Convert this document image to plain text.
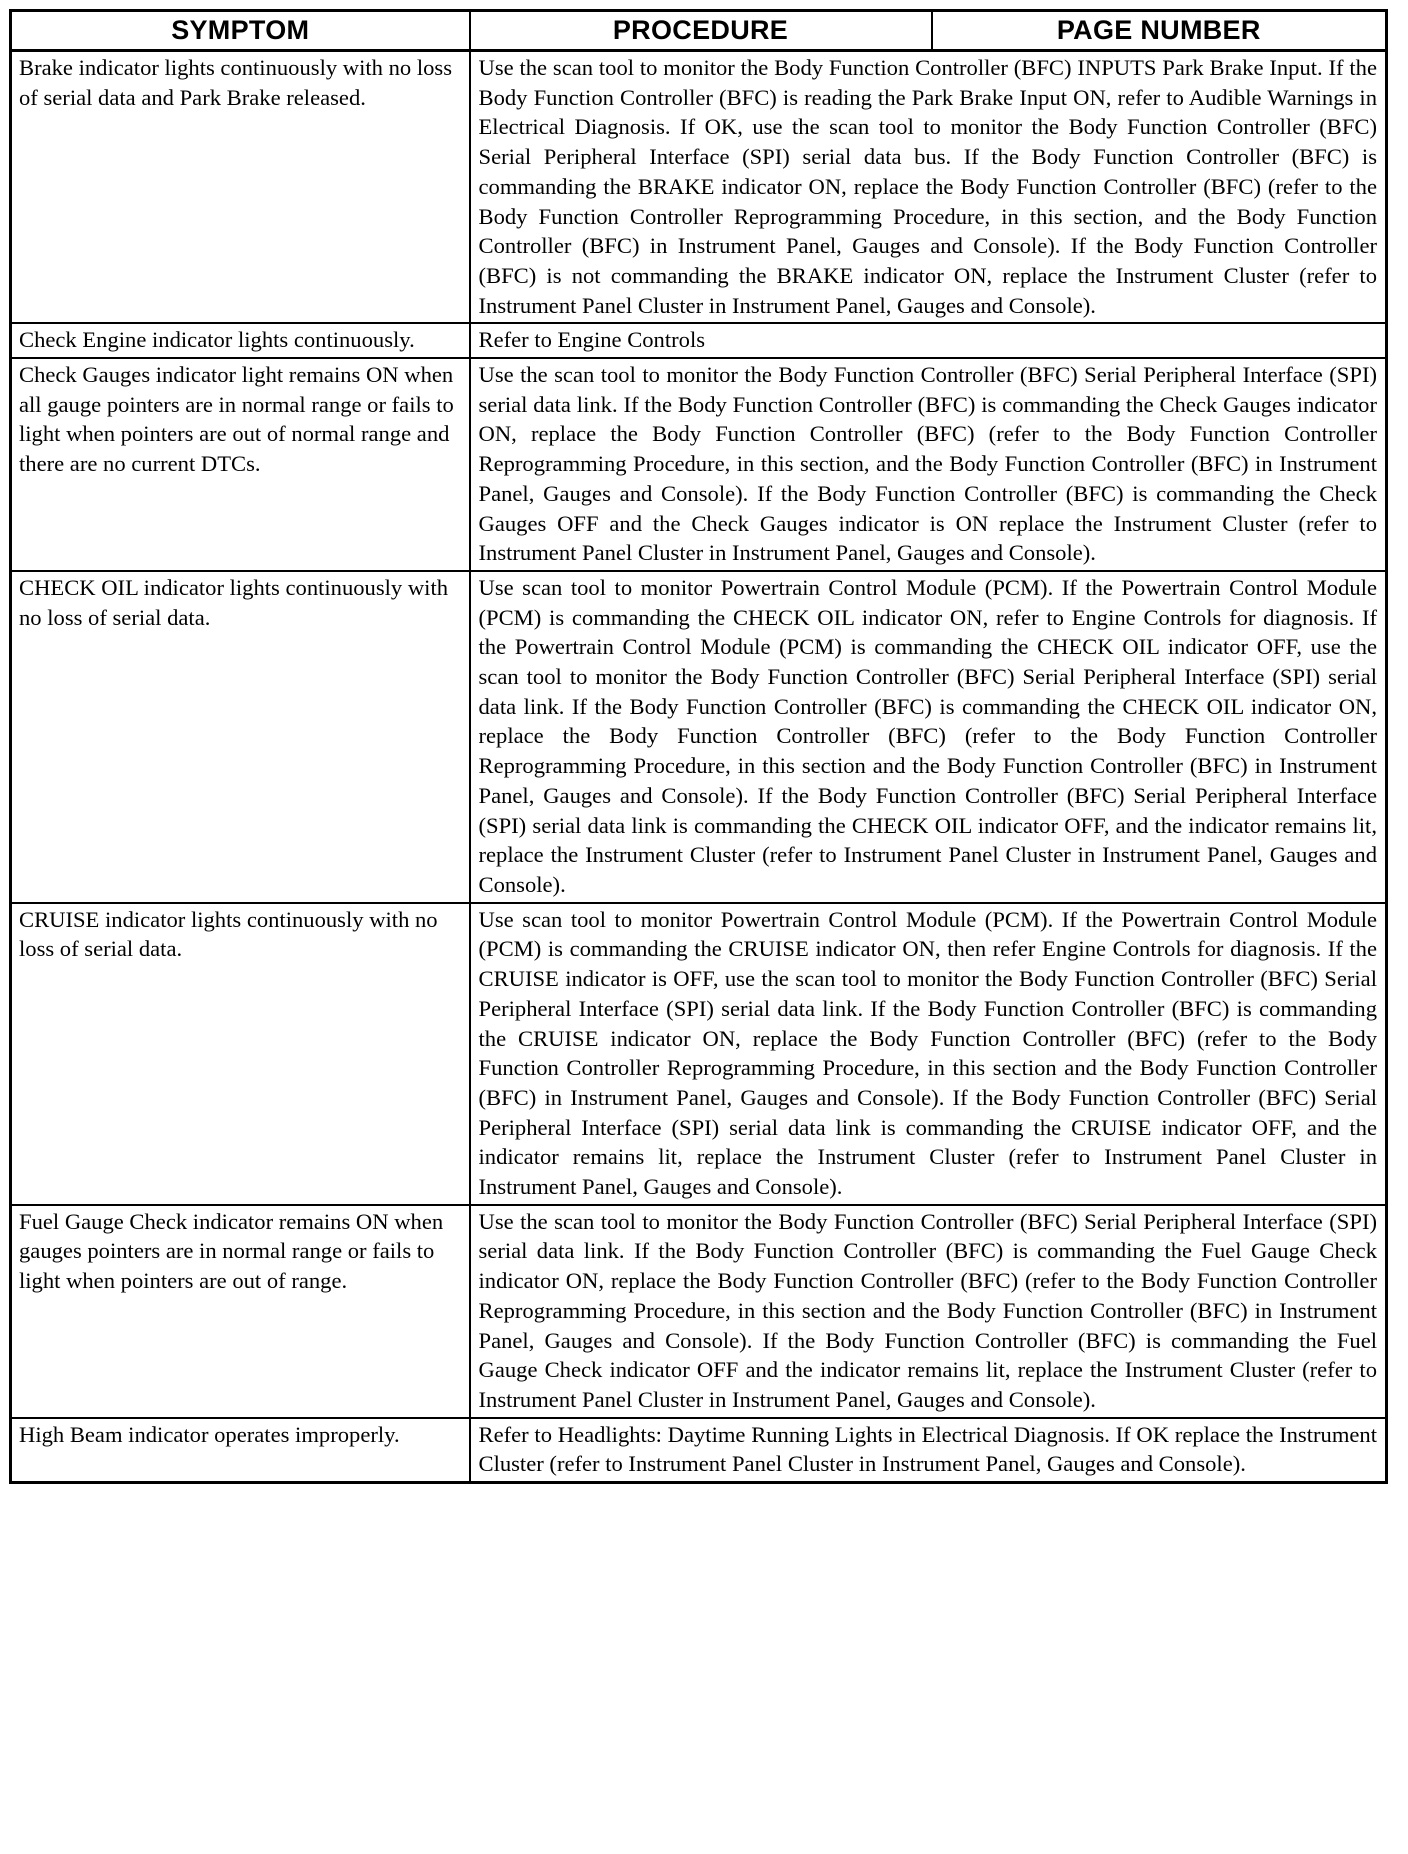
SYMPTOM	PROCEDURE	PAGE NUMBER
Brake indicator lights continuously with no loss of serial data and Park Brake released.	Use the scan tool to monitor the Body Function Controller (BFC) INPUTS Park Brake Input. If the Body Function Controller (BFC) is reading the Park Brake Input ON, refer to Audible Warnings in Electrical Diagnosis. If OK, use the scan tool to monitor the Body Function Controller (BFC) Serial Peripheral Interface (SPI) serial data bus. If the Body Function Controller (BFC) is commanding the BRAKE indicator ON, replace the Body Function Controller (BFC) (refer to the Body Function Controller Reprogramming Procedure, in this section, and the Body Function Controller (BFC) in Instrument Panel, Gauges and Console). If the Body Function Controller (BFC) is not commanding the BRAKE indicator ON, replace the Instrument Cluster (refer to Instrument Panel Cluster in Instrument Panel, Gauges and Console).	
Check Engine indicator lights continuously.	Refer to Engine Controls	
Check Gauges indicator light remains ON when all gauge pointers are in normal range or fails to light when pointers are out of normal range and there are no current DTCs.	Use the scan tool to monitor the Body Function Controller (BFC) Serial Peripheral Interface (SPI) serial data link. If the Body Function Controller (BFC) is commanding the Check Gauges indicator ON, replace the Body Function Controller (BFC) (refer to the Body Function Controller Reprogramming Procedure, in this section, and the Body Function Controller (BFC) in Instrument Panel, Gauges and Console). If the Body Function Controller (BFC) is commanding the Check Gauges OFF and the Check Gauges indicator is ON replace the Instrument Cluster (refer to Instrument Panel Cluster in Instrument Panel, Gauges and Console).	
CHECK OIL indicator lights continuously with no loss of serial data.	Use scan tool to monitor Powertrain Control Module (PCM). If the Powertrain Control Module (PCM) is commanding the CHECK OIL indicator ON, refer to Engine Controls for diagnosis. If the Powertrain Control Module (PCM) is commanding the CHECK OIL indicator OFF, use the scan tool to monitor the Body Function Controller (BFC) Serial Peripheral Interface (SPI) serial data link. If the Body Function Controller (BFC) is commanding the CHECK OIL indicator ON, replace the Body Function Controller (BFC) (refer to the Body Function Controller Reprogramming Procedure, in this section and the Body Function Controller (BFC) in Instrument Panel, Gauges and Console). If the Body Function Controller (BFC) Serial Peripheral Interface (SPI) serial data link is commanding the CHECK OIL indicator OFF, and the indicator remains lit, replace the Instrument Cluster (refer to Instrument Panel Cluster in Instrument Panel, Gauges and Console).	
CRUISE indicator lights continuously with no loss of serial data.	Use scan tool to monitor Powertrain Control Module (PCM). If the Powertrain Control Module (PCM) is commanding the CRUISE indicator ON, then refer Engine Controls for diagnosis. If the CRUISE indicator is OFF, use the scan tool to monitor the Body Function Controller (BFC) Serial Peripheral Interface (SPI) serial data link. If the Body Function Controller (BFC) is commanding the CRUISE indicator ON, replace the Body Function Controller (BFC) (refer to the Body Function Controller Reprogramming Procedure, in this section and the Body Function Controller (BFC) in Instrument Panel, Gauges and Console). If the Body Function Controller (BFC) Serial Peripheral Interface (SPI) serial data link is commanding the CRUISE indicator OFF, and the indicator remains lit, replace the Instrument Cluster (refer to Instrument Panel Cluster in Instrument Panel, Gauges and Console).	
Fuel Gauge Check indicator remains ON when gauges pointers are in normal range or fails to light when pointers are out of range.	Use the scan tool to monitor the Body Function Controller (BFC) Serial Peripheral Interface (SPI) serial data link. If the Body Function Controller (BFC) is commanding the Fuel Gauge Check indicator ON, replace the Body Function Controller (BFC) (refer to the Body Function Controller Reprogramming Procedure, in this section and the Body Function Controller (BFC) in Instrument Panel, Gauges and Console). If the Body Function Controller (BFC) is commanding the Fuel Gauge Check indicator OFF and the indicator remains lit, replace the Instrument Cluster (refer to Instrument Panel Cluster in Instrument Panel, Gauges and Console).	
High Beam indicator operates improperly.	Refer to Headlights: Daytime Running Lights in Electrical Diagnosis. If OK replace the Instrument Cluster (refer to Instrument Panel Cluster in Instrument Panel, Gauges and Console).	
